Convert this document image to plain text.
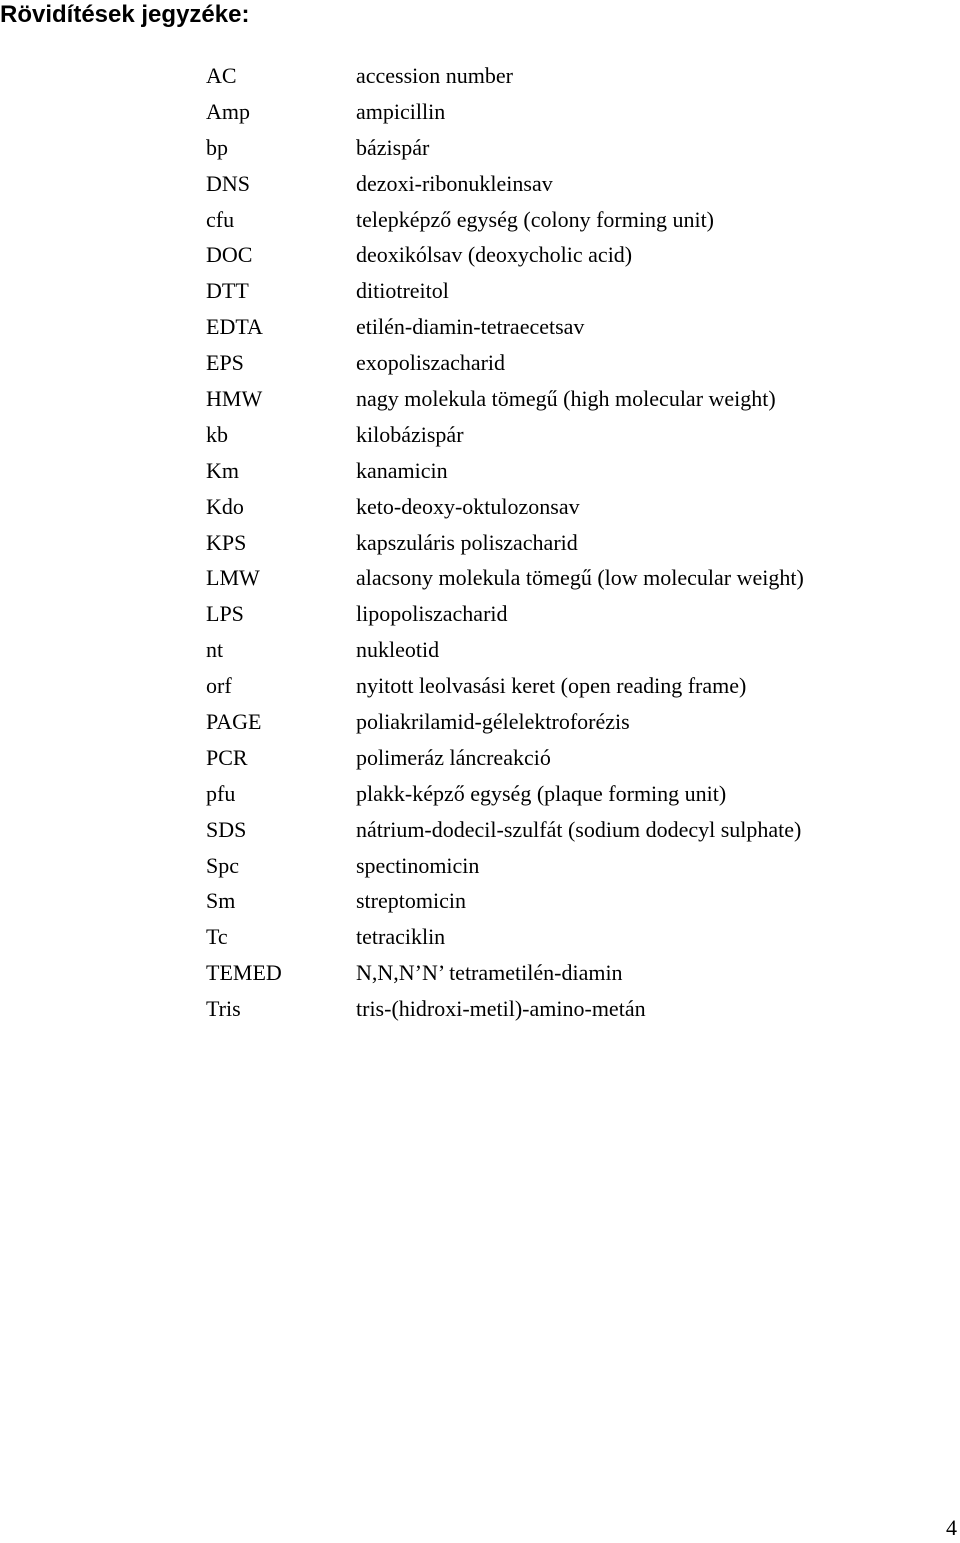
Rövidítések jegyzéke:
AC	accession number
Amp	ampicillin
bp	bázispár
DNS	dezoxi-ribonukleinsav
cfu	telepképző egység (colony forming unit)
DOC	deoxikólsav (deoxycholic acid)
DTT	ditiotreitol
EDTA	etilén-diamin-tetraecetsav
EPS	exopoliszacharid
HMW	nagy molekula tömegű (high molecular weight)
kb	kilobázispár
Km	kanamicin
Kdo	keto-deoxy-oktulozonsav
KPS	kapszuláris poliszacharid
LMW	alacsony molekula tömegű (low molecular weight)
LPS	lipopoliszacharid
nt	nukleotid
orf	nyitott leolvasási keret (open reading frame)
PAGE	poliakrilamid-gélelektroforézis
PCR	polimeráz láncreakció
pfu	plakk-képző egység (plaque forming unit)
SDS	nátrium-dodecil-szulfát (sodium dodecyl sulphate)
Spc	spectinomicin
Sm	streptomicin
Tc	tetraciklin
TEMED	N,N,N’N’ tetrametilén-diamin
Tris	tris-(hidroxi-metil)-amino-metán
4
